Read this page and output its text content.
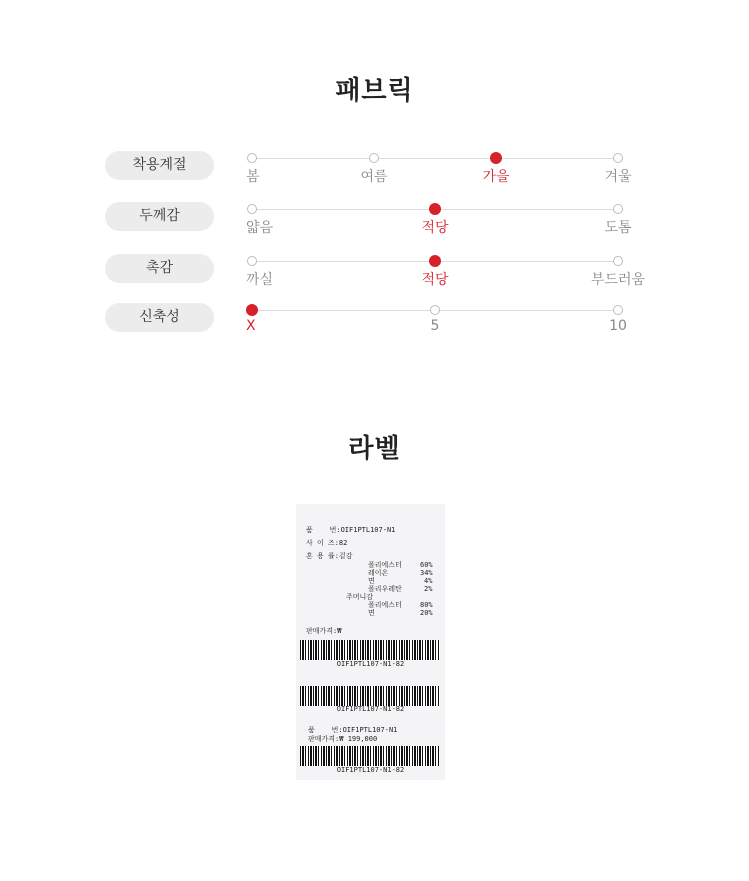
패브릭
착용계절
봄	여름	가을	겨울
두께감
얇음	적당	도톰
촉감
까실	적당	부드러움
신축성
X	5	10
라벨
품    번:OIF1PTL107-N1
사 이 즈:82
혼 용 률:겉감
폴리에스터	60%
레이온	34%
면	4%
폴리우레탄	2%
주머니감
폴리에스터	80%
면	20%
판매가격:₩
OIF1PTL107-N1-82
OIF1PTL107-N1-82
품    번:OIF1PTL107-N1
판매가격:₩ 199,000
OIF1PTL107-N1-82
